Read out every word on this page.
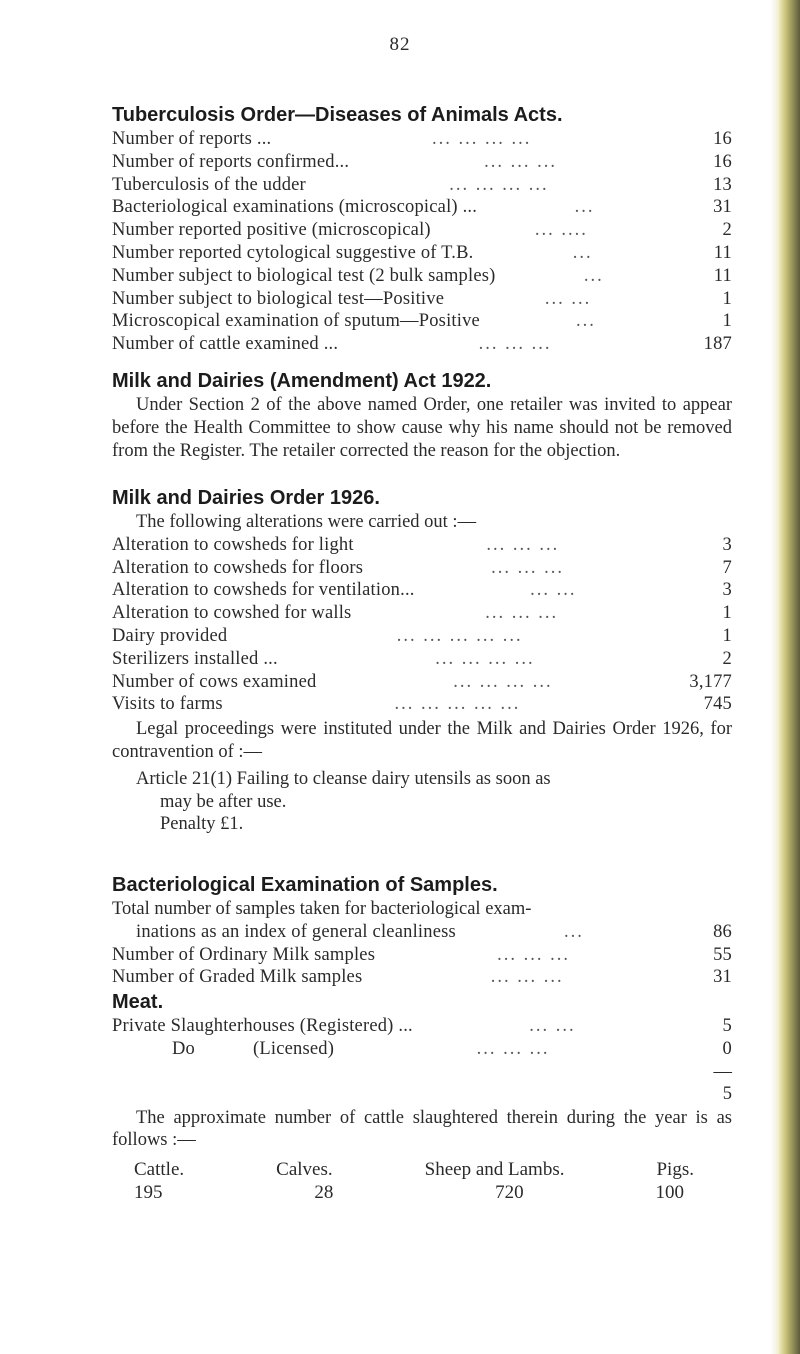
82
Tuberculosis Order—Diseases of Animals Acts.
Number of reports ...	... ... ... ...	16
Number of reports confirmed...	... ... ...	16
Tuberculosis of the udder	... ... ... ...	13
Bacteriological examinations (microscopical) ...	...	31
Number reported positive (microscopical)	... ....	2
Number reported cytological suggestive of T.B.	...	11
Number subject to biological test (2 bulk samples)	...	11
Number subject to biological test—Positive	... ...	1
Microscopical examination of sputum—Positive	...	1
Number of cattle examined ...	... ... ...	187
Milk and Dairies (Amendment) Act 1922.

Under Section 2 of the above named Order, one retailer was invited to appear before the Health Committee to show cause why his name should not be removed from the Register. The retailer corrected the reason for the objection.

Milk and Dairies Order 1926.

The following alterations were carried out :—

Alteration to cowsheds for light	... ... ...	3
Alteration to cowsheds for floors	... ... ...	7
Alteration to cowsheds for ventilation...	... ...	3
Alteration to cowshed for walls	... ... ...	1
Dairy provided	... ... ... ... ...	1
Sterilizers installed ...	... ... ... ...	2
Number of cows examined	... ... ... ...	3,177
Visits to farms	... ... ... ... ...	745

Legal proceedings were instituted under the Milk and Dairies Order 1926, for contravention of :—

Article 21(1) Failing to cleanse dairy utensils as soon as
may be after use.
Penalty £1.
Bacteriological Examination of Samples.
Total number of samples taken for bacteriological exam-
inations as an index of general cleanliness	...	86
Number of Ordinary Milk samples	... ... ...	55
Number of Graded Milk samples	... ... ...	31
Meat.
Private Slaughterhouses (Registered) ...	... ...	5
Do	(Licensed)	... ... ...	0
—
5

The approximate number of cattle slaughtered therein during the year is as follows :—

Cattle.	Calves.	Sheep and Lambs.	Pigs.
195	28	720	100
